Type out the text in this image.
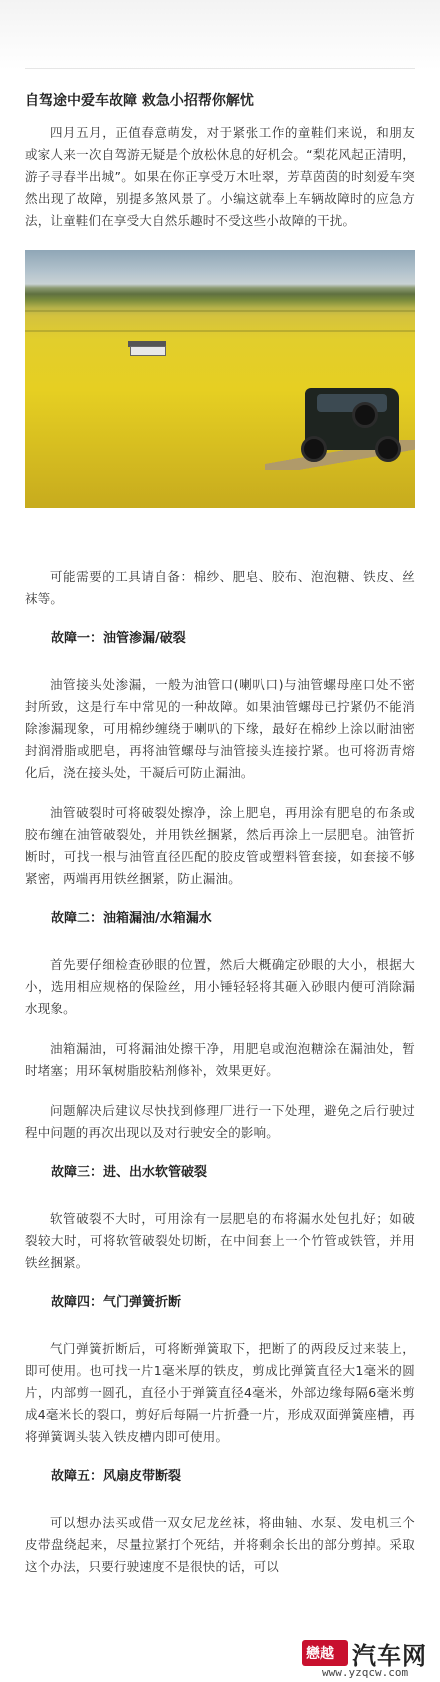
自驾途中爱车故障 救急小招帮你解忧

四月五月，正值春意萌发，对于紧张工作的童鞋们来说，和朋友或家人来一次自驾游无疑是个放松休息的好机会。“梨花风起正清明，游子寻春半出城”。如果在你正享受万木吐翠，芳草茵茵的时刻爱车突然出现了故障，别提多煞风景了。小编这就奉上车辆故障时的应急方法，让童鞋们在享受大自然乐趣时不受这些小故障的干扰。

可能需要的工具请自备：棉纱、肥皂、胶布、泡泡糖、铁皮、丝袜等。

故障一：油管渗漏/破裂

油管接头处渗漏，一般为油管口(喇叭口)与油管螺母座口处不密封所致，这是行车中常见的一种故障。如果油管螺母已拧紧仍不能消除渗漏现象，可用棉纱缠绕于喇叭的下缘，最好在棉纱上涂以耐油密封润滑脂或肥皂，再将油管螺母与油管接头连接拧紧。也可将沥青熔化后，浇在接头处，干凝后可防止漏油。

油管破裂时可将破裂处擦净，涂上肥皂，再用涂有肥皂的布条或胶布缠在油管破裂处，并用铁丝捆紧，然后再涂上一层肥皂。油管折断时，可找一根与油管直径匹配的胶皮管或塑料管套接，如套接不够紧密，两端再用铁丝捆紧，防止漏油。

故障二：油箱漏油/水箱漏水

首先要仔细检查砂眼的位置，然后大概确定砂眼的大小，根据大小，选用相应规格的保险丝，用小锤轻轻将其砸入砂眼内便可消除漏水现象。

油箱漏油，可将漏油处擦干净，用肥皂或泡泡糖涂在漏油处，暂时堵塞；用环氧树脂胶粘剂修补，效果更好。

问题解决后建议尽快找到修理厂进行一下处理，避免之后行驶过程中问题的再次出现以及对行驶安全的影响。

故障三：进、出水软管破裂

软管破裂不大时，可用涂有一层肥皂的布将漏水处包扎好；如破裂较大时，可将软管破裂处切断，在中间套上一个竹管或铁管，并用铁丝捆紧。

故障四：气门弹簧折断

气门弹簧折断后，可将断弹簧取下，把断了的两段反过来装上，即可使用。也可找一片1毫米厚的铁皮，剪成比弹簧直径大1毫米的圆片，内部剪一圆孔，直径小于弹簧直径4毫米，外部边缘每隔6毫米剪成4毫米长的裂口，剪好后每隔一片折叠一片，形成双面弹簧座槽，再将弹簧调头装入铁皮槽内即可使用。

故障五：风扇皮带断裂

可以想办法买或借一双女尼龙丝袜，将曲轴、水泵、发电机三个皮带盘绕起来，尽量拉紧打个死结，并将剩余长出的部分剪掉。采取这个办法，只要行驶速度不是很快的话，可以

戀越 汽车网
www.yzqcw.com
